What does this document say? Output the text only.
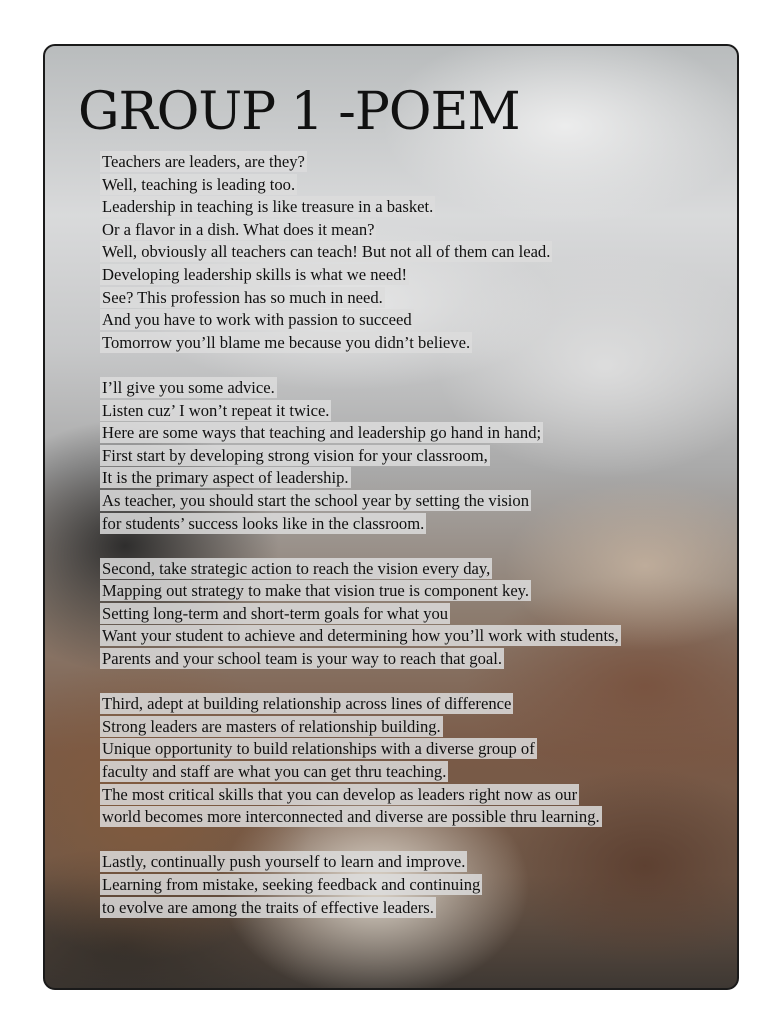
GROUP 1 -POEM
Teachers are leaders, are they?
Well, teaching is leading too.
Leadership in teaching is like treasure in a basket.
Or a flavor in a dish. What does it mean?
Well, obviously all teachers can teach! But not all of them can lead.
Developing leadership skills is what we need!
See? This profession has so much in need.
And you have to work with passion to succeed
Tomorrow you’ll blame me because you didn’t believe.
I’ll give you some advice.
Listen cuz’ I won’t repeat it twice.
Here are some ways that teaching and leadership go hand in hand;
First start by developing strong vision for your classroom,
It is the primary aspect of leadership.
As teacher, you should start the school year by setting the vision
for students’ success looks like in the classroom.
Second, take strategic action to reach the vision every day,
Mapping out strategy to make that vision true is component key.
Setting long-term and short-term goals for what you
Want your student to achieve and determining how you’ll work with students,
Parents and your school team is your way to reach that goal.
Third, adept at building relationship across lines of difference
Strong leaders are masters of relationship building.
Unique opportunity to build relationships with a diverse group of
faculty and staff are what you can get thru teaching.
The most critical skills that you can develop as leaders right now as our
world becomes more interconnected and diverse are possible thru learning.
Lastly, continually push yourself to learn and improve.
Learning from mistake, seeking feedback and continuing
to evolve are among the traits of effective leaders.
